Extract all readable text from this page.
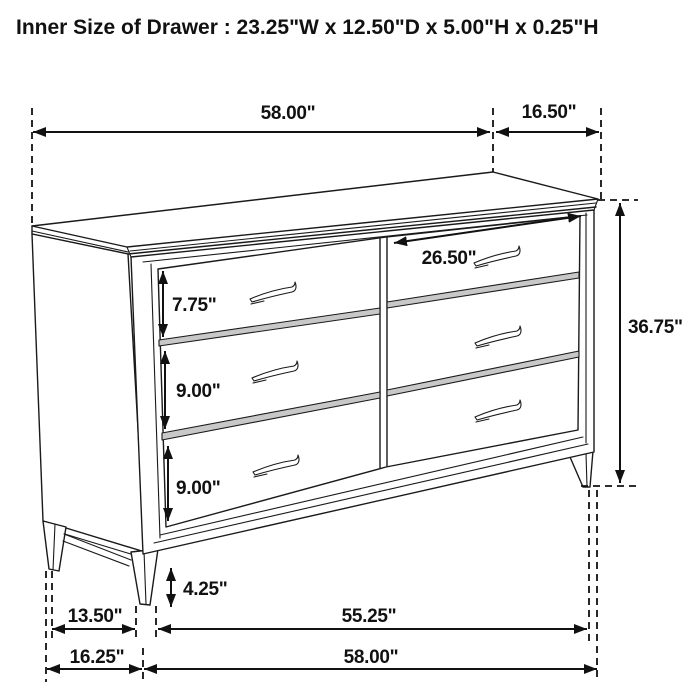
Inner Size of Drawer : 23.25"W x 12.50"D x 5.00"H x 0.25"H
58.00"	16.50"
36.75"
26.50"
7.75"
9.00"
9.00"
4.25"
13.50"	55.25"
16.25"	58.00"
